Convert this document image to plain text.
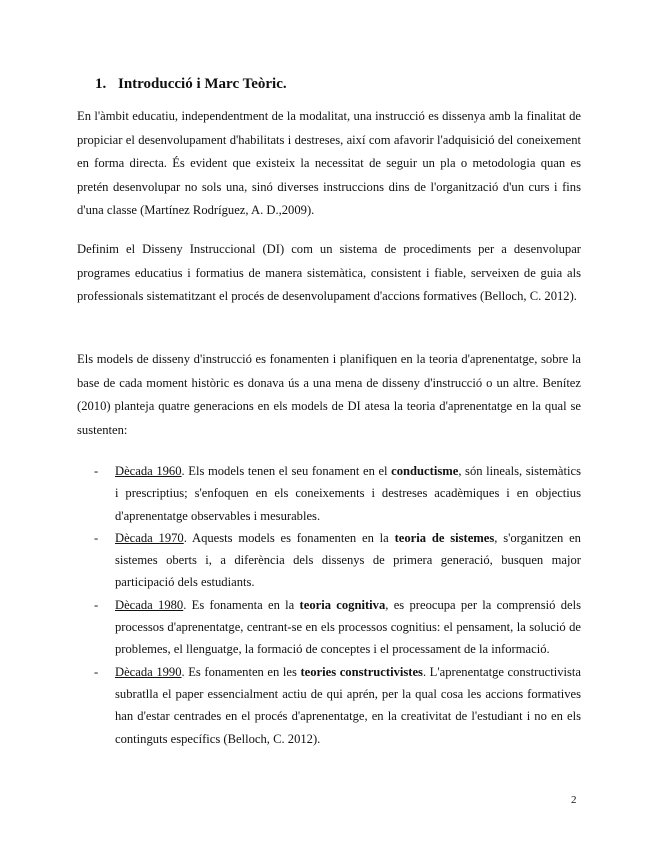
1. Introducció i Marc Teòric.

En l'àmbit educatiu, independentment de la modalitat, una instrucció es dissenya amb la finalitat de propiciar el desenvolupament d'habilitats i destreses, així com afavorir l'adquisició del coneixement en forma directa. És evident que existeix la necessitat de seguir un pla o metodologia quan es pretén desenvolupar no sols una, sinó diverses instruccions dins de l'organització d'un curs i fins d'una classe (Martínez Rodríguez, A. D.,2009).

Definim el Disseny Instruccional (DI) com un sistema de procediments per a desenvolupar programes educatius i formatius de manera sistemàtica, consistent i fiable, serveixen de guia als professionals sistematitzant el procés de desenvolupament d'accions formatives (Belloch, C. 2012).

Els models de disseny d'instrucció es fonamenten i planifiquen en la teoria d'aprenentatge, sobre la base de cada moment històric es donava ús a una mena de disseny d'instrucció o un altre. Benítez (2010) planteja quatre generacions en els models de DI atesa la teoria d'aprenentatge en la qual se sustenten:

- Dècada 1960. Els models tenen el seu fonament en el conductisme, són lineals, sistemàtics i prescriptius; s'enfoquen en els coneixements i destreses acadèmiques i en objectius d'aprenentatge observables i mesurables.
- Dècada 1970. Aquests models es fonamenten en la teoria de sistemes, s'organitzen en sistemes oberts i, a diferència dels dissenys de primera generació, busquen major participació dels estudiants.
- Dècada 1980. Es fonamenta en la teoria cognitiva, es preocupa per la comprensió dels processos d'aprenentatge, centrant-se en els processos cognitius: el pensament, la solució de problemes, el llenguatge, la formació de conceptes i el processament de la informació.
- Dècada 1990. Es fonamenten en les teories constructivistes. L'aprenentatge constructivista subratlla el paper essencialment actiu de qui aprén, per la qual cosa les accions formatives han d'estar centrades en el procés d'aprenentatge, en la creativitat de l'estudiant i no en els continguts específics (Belloch, C. 2012).
2
